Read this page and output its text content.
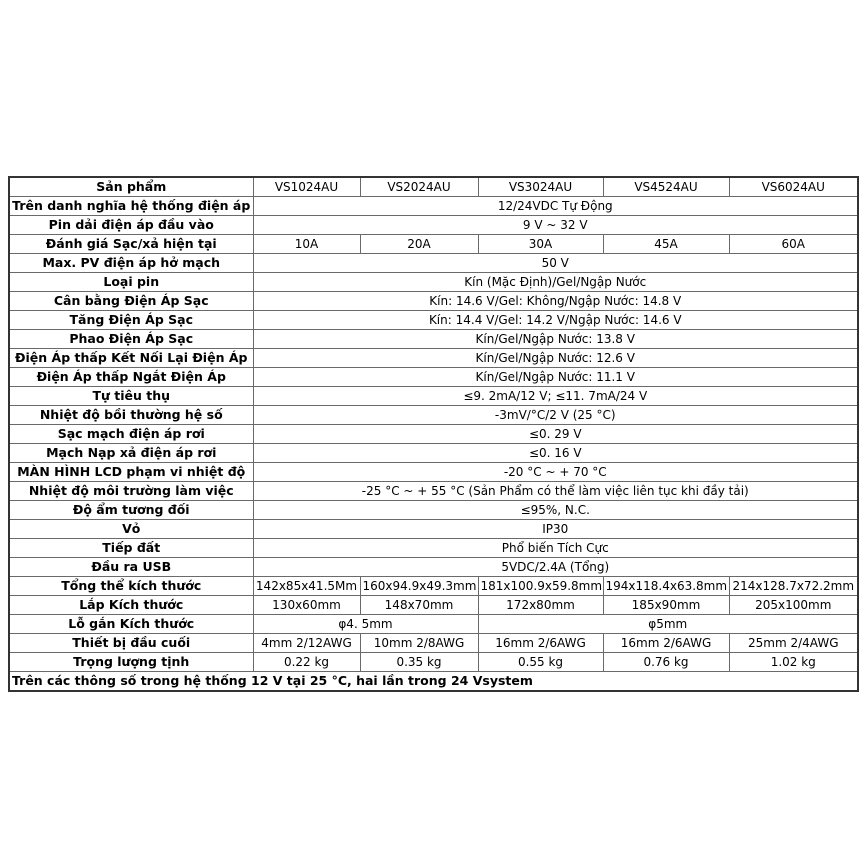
Sản phẩm	VS1024AU	VS2024AU	VS3024AU	VS4524AU	VS6024AU
Trên danh nghĩa hệ thống điện áp	12/24VDC Tự Động				
Pin dải điện áp đầu vào	9 V ~ 32 V				
Đánh giá Sạc/xả hiện tại	10A	20A	30A	45A	60A
Max. PV điện áp hở mạch	50 V				
Loại pin	Kín (Mặc Định)/Gel/Ngập Nước				
Cân bằng Điện Áp Sạc	Kín: 14.6 V/Gel: Không/Ngập Nước: 14.8 V				
Tăng Điện Áp Sạc	Kín: 14.4 V/Gel: 14.2 V/Ngập Nước: 14.6 V				
Phao Điện Áp Sạc	Kín/Gel/Ngập Nước: 13.8 V				
Điện Áp thấp Kết Nối Lại Điện Áp	Kín/Gel/Ngập Nước: 12.6 V				
Điện Áp thấp Ngắt Điện Áp	Kín/Gel/Ngập Nước: 11.1 V				
Tự tiêu thụ	≤9. 2mA/12 V; ≤11. 7mA/24 V				
Nhiệt độ bồi thường hệ số	-3mV/°C/2 V (25 °C)				
Sạc mạch điện áp rơi	≤0. 29 V				
Mạch Nạp xả điện áp rơi	≤0. 16 V				
MÀN HÌNH LCD phạm vi nhiệt độ	-20 °C ~ + 70 °C				
Nhiệt độ môi trường làm việc	-25 °C ~ + 55 °C (Sản Phẩm có thể làm việc liên tục khi đầy tải)				
Độ ẩm tương đối	≤95%, N.C.				
Vỏ	IP30				
Tiếp đất	Phổ biến Tích Cực				
Đầu ra USB	5VDC/2.4A (Tổng)				
Tổng thể kích thước	142x85x41.5Mm	160x94.9x49.3mm	181x100.9x59.8mm	194x118.4x63.8mm	214x128.7x72.2mm
Lắp Kích thước	130x60mm	148x70mm	172x80mm	185x90mm	205x100mm
Lỗ gắn Kích thước	φ4. 5mm		φ5mm		
Thiết bị đầu cuối	4mm 2/12AWG	10mm 2/8AWG	16mm 2/6AWG	16mm 2/6AWG	25mm 2/4AWG
Trọng lượng tịnh	0.22 kg	0.35 kg	0.55 kg	0.76 kg	1.02 kg
Trên các thông số trong hệ thống 12 V tại 25 °C, hai lần trong 24 Vsystem					
